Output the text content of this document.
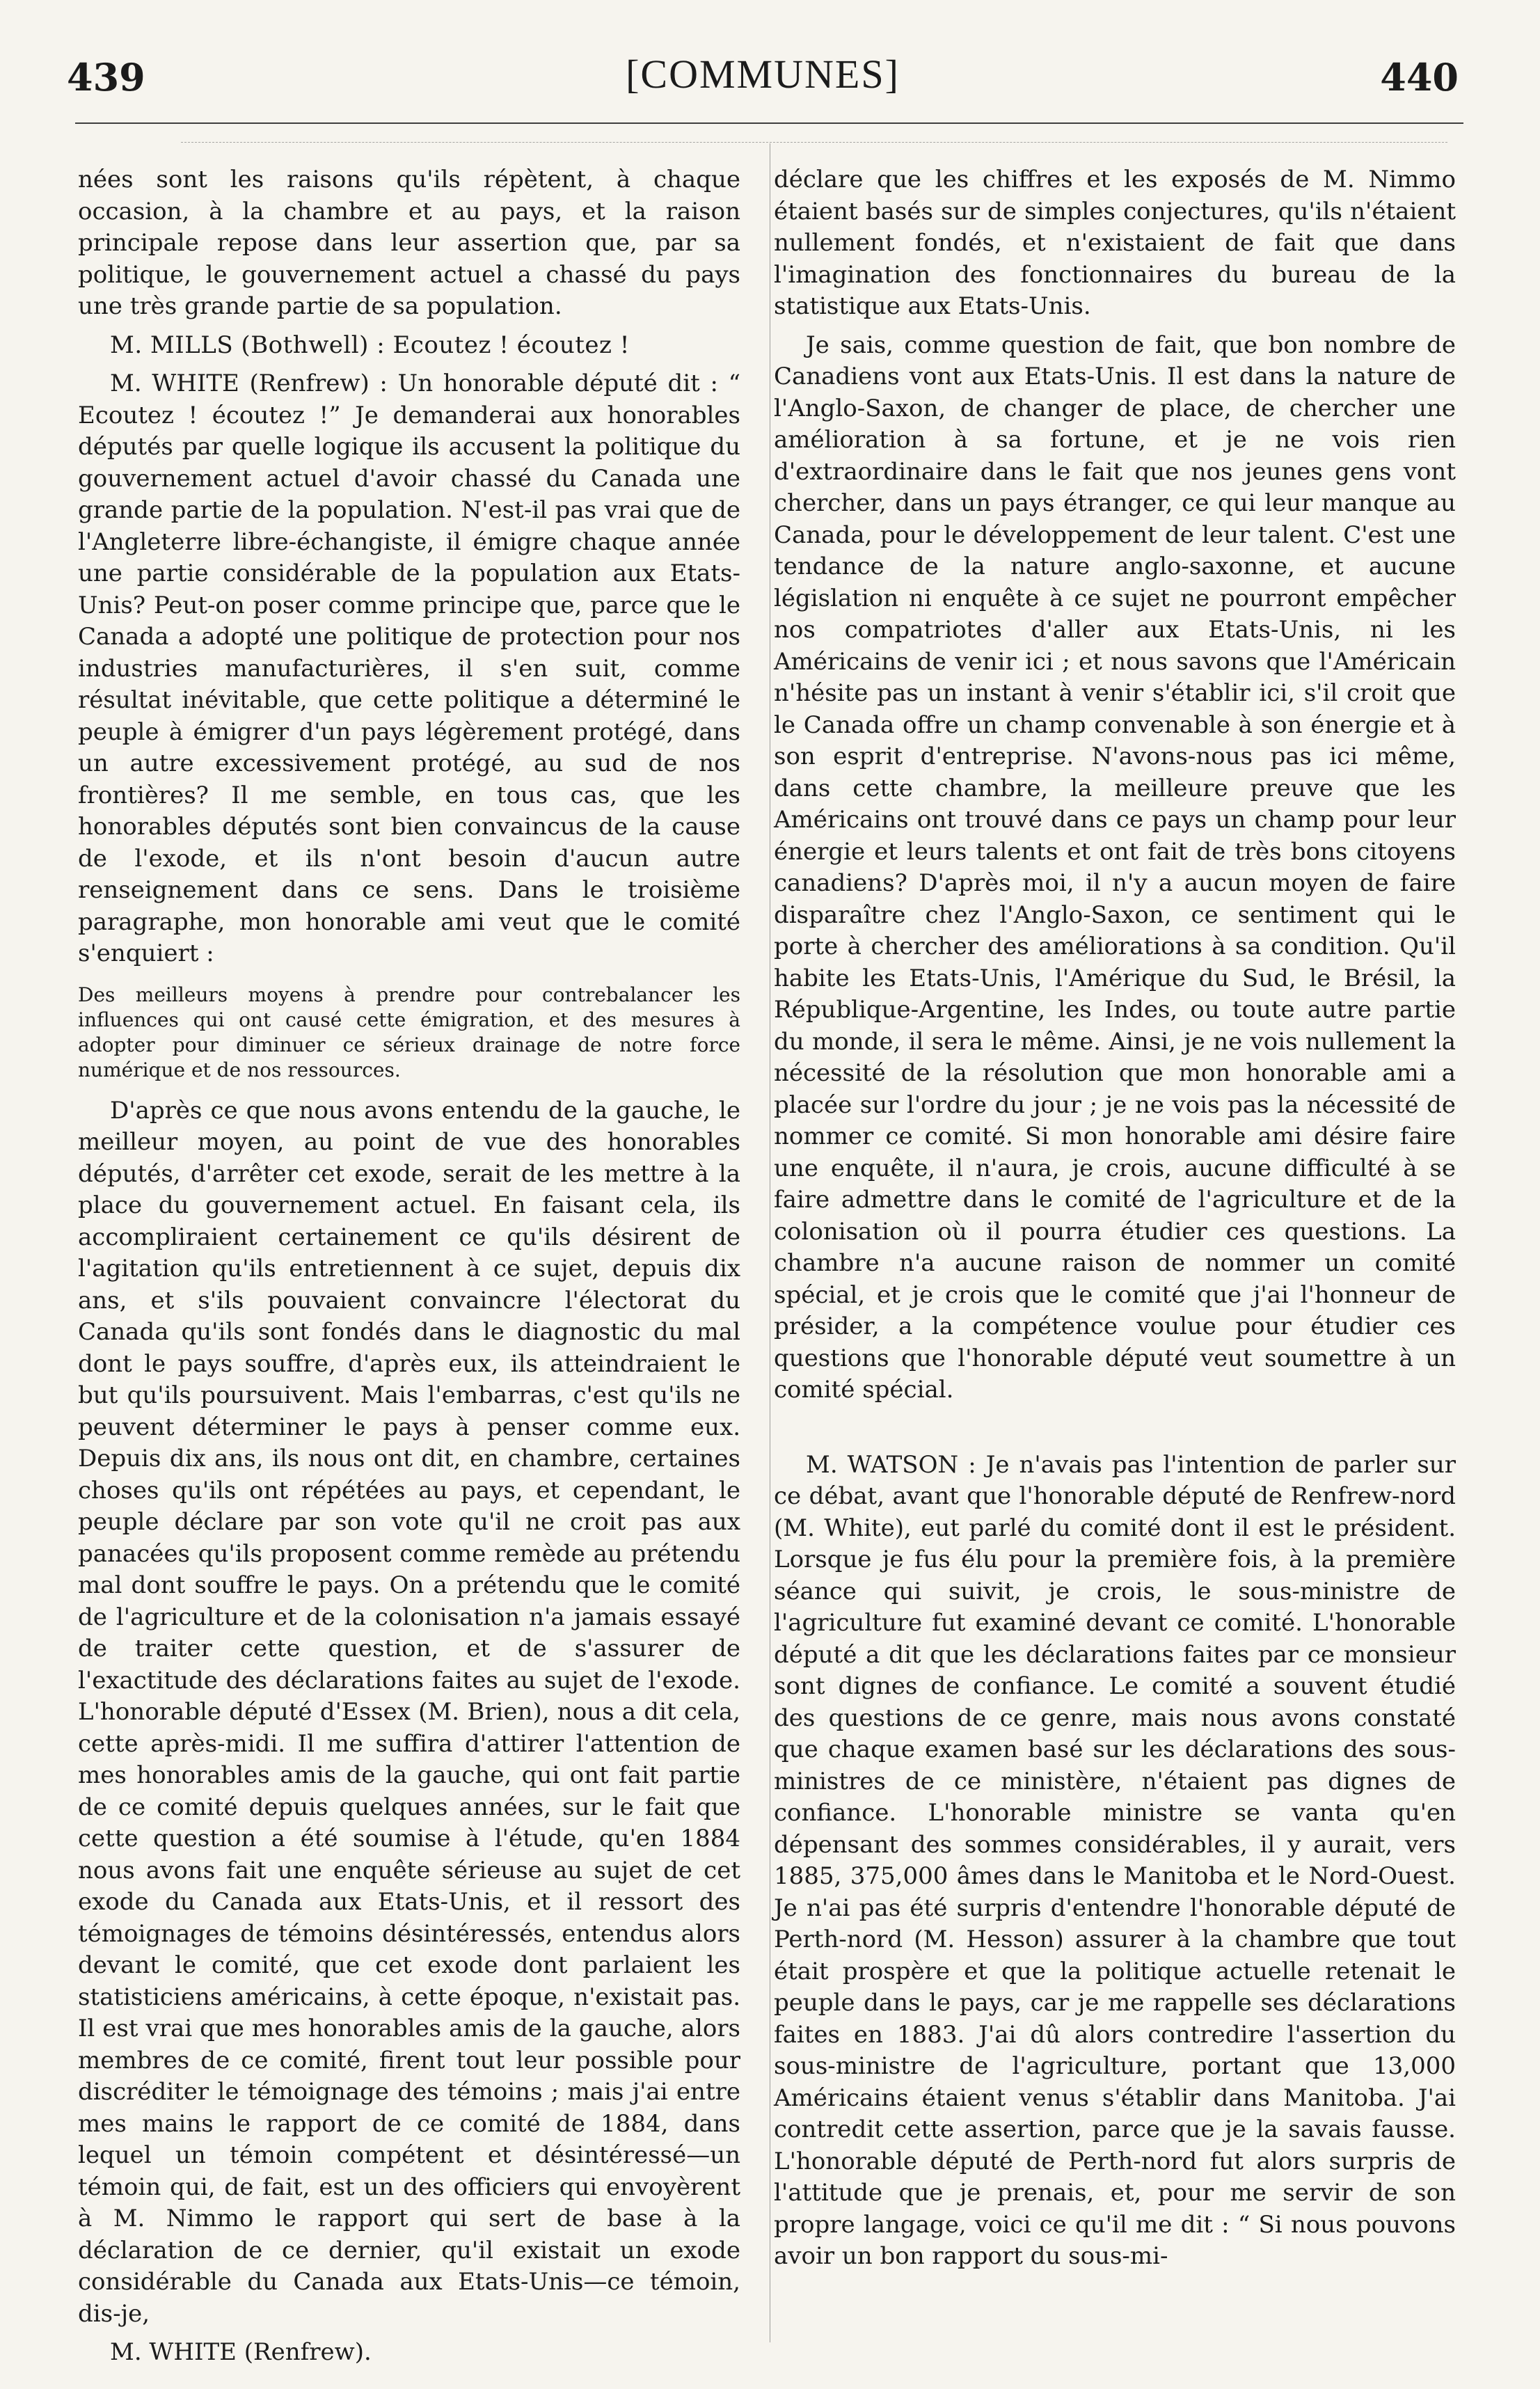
439	[COMMUNES]	440

nées sont les raisons qu'ils répètent, à chaque occasion, à la chambre et au pays, et la raison principale repose dans leur assertion que, par sa politique, le gouvernement actuel a chassé du pays une très grande partie de sa population.

M. MILLS (Bothwell) : Ecoutez ! écoutez !

M. WHITE (Renfrew) : Un honorable député dit : “ Ecoutez ! écoutez !” Je demanderai aux honorables députés par quelle logique ils accusent la politique du gouvernement actuel d'avoir chassé du Canada une grande partie de la population. N'est-il pas vrai que de l'Angleterre libre-échangiste, il émigre chaque année une partie considérable de la population aux Etats-Unis? Peut-on poser comme principe que, parce que le Canada a adopté une politique de protection pour nos industries manufacturières, il s'en suit, comme résultat inévitable, que cette politique a déterminé le peuple à émigrer d'un pays légèrement protégé, dans un autre excessivement protégé, au sud de nos frontières? Il me semble, en tous cas, que les honorables députés sont bien convaincus de la cause de l'exode, et ils n'ont besoin d'aucun autre renseignement dans ce sens. Dans le troisième paragraphe, mon honorable ami veut que le comité s'enquiert :

Des meilleurs moyens à prendre pour contrebalancer les influences qui ont causé cette émigration, et des mesures à adopter pour diminuer ce sérieux drainage de notre force numérique et de nos ressources.

D'après ce que nous avons entendu de la gauche, le meilleur moyen, au point de vue des honorables députés, d'arrêter cet exode, serait de les mettre à la place du gouvernement actuel. En faisant cela, ils accompliraient certainement ce qu'ils désirent de l'agitation qu'ils entretiennent à ce sujet, depuis dix ans, et s'ils pouvaient convaincre l'électorat du Canada qu'ils sont fondés dans le diagnostic du mal dont le pays souffre, d'après eux, ils atteindraient le but qu'ils poursuivent. Mais l'embarras, c'est qu'ils ne peuvent déterminer le pays à penser comme eux. Depuis dix ans, ils nous ont dit, en chambre, certaines choses qu'ils ont répétées au pays, et cependant, le peuple déclare par son vote qu'il ne croit pas aux panacées qu'ils proposent comme remède au prétendu mal dont souffre le pays. On a prétendu que le comité de l'agriculture et de la colonisation n'a jamais essayé de traiter cette question, et de s'assurer de l'exactitude des déclarations faites au sujet de l'exode. L'honorable député d'Essex (M. Brien), nous a dit cela, cette après-midi. Il me suffira d'attirer l'attention de mes honorables amis de la gauche, qui ont fait partie de ce comité depuis quelques années, sur le fait que cette question a été soumise à l'étude, qu'en 1884 nous avons fait une enquête sérieuse au sujet de cet exode du Canada aux Etats-Unis, et il ressort des témoignages de témoins désintéressés, entendus alors devant le comité, que cet exode dont parlaient les statisticiens américains, à cette époque, n'existait pas. Il est vrai que mes honorables amis de la gauche, alors membres de ce comité, firent tout leur possible pour discréditer le témoignage des témoins ; mais j'ai entre mes mains le rapport de ce comité de 1884, dans lequel un témoin compétent et désintéressé—un témoin qui, de fait, est un des officiers qui envoyèrent à M. Nimmo le rapport qui sert de base à la déclaration de ce dernier, qu'il existait un exode considérable du Canada aux Etats-Unis—ce témoin, dis-je,

M. WHITE (Renfrew).

déclare que les chiffres et les exposés de M. Nimmo étaient basés sur de simples conjectures, qu'ils n'étaient nullement fondés, et n'existaient de fait que dans l'imagination des fonctionnaires du bureau de la statistique aux Etats-Unis.

Je sais, comme question de fait, que bon nombre de Canadiens vont aux Etats-Unis. Il est dans la nature de l'Anglo-Saxon, de changer de place, de chercher une amélioration à sa fortune, et je ne vois rien d'extraordinaire dans le fait que nos jeunes gens vont chercher, dans un pays étranger, ce qui leur manque au Canada, pour le développement de leur talent. C'est une tendance de la nature anglo-saxonne, et aucune législation ni enquête à ce sujet ne pourront empêcher nos compatriotes d'aller aux Etats-Unis, ni les Américains de venir ici ; et nous savons que l'Américain n'hésite pas un instant à venir s'établir ici, s'il croit que le Canada offre un champ convenable à son énergie et à son esprit d'entreprise. N'avons-nous pas ici même, dans cette chambre, la meilleure preuve que les Américains ont trouvé dans ce pays un champ pour leur énergie et leurs talents et ont fait de très bons citoyens canadiens? D'après moi, il n'y a aucun moyen de faire disparaître chez l'Anglo-Saxon, ce sentiment qui le porte à chercher des améliorations à sa condition. Qu'il habite les Etats-Unis, l'Amérique du Sud, le Brésil, la République-Argentine, les Indes, ou toute autre partie du monde, il sera le même. Ainsi, je ne vois nullement la nécessité de la résolution que mon honorable ami a placée sur l'ordre du jour ; je ne vois pas la nécessité de nommer ce comité. Si mon honorable ami désire faire une enquête, il n'aura, je crois, aucune difficulté à se faire admettre dans le comité de l'agriculture et de la colonisation où il pourra étudier ces questions. La chambre n'a aucune raison de nommer un comité spécial, et je crois que le comité que j'ai l'honneur de présider, a la compétence voulue pour étudier ces questions que l'honorable député veut soumettre à un comité spécial.

M. WATSON : Je n'avais pas l'intention de parler sur ce débat, avant que l'honorable député de Renfrew-nord (M. White), eut parlé du comité dont il est le président. Lorsque je fus élu pour la première fois, à la première séance qui suivit, je crois, le sous-ministre de l'agriculture fut examiné devant ce comité. L'honorable député a dit que les déclarations faites par ce monsieur sont dignes de confiance. Le comité a souvent étudié des questions de ce genre, mais nous avons constaté que chaque examen basé sur les déclarations des sous-ministres de ce ministère, n'étaient pas dignes de confiance. L'honorable ministre se vanta qu'en dépensant des sommes considérables, il y aurait, vers 1885, 375,000 âmes dans le Manitoba et le Nord-Ouest. Je n'ai pas été surpris d'entendre l'honorable député de Perth-nord (M. Hesson) assurer à la chambre que tout était prospère et que la politique actuelle retenait le peuple dans le pays, car je me rappelle ses déclarations faites en 1883. J'ai dû alors contredire l'assertion du sous-ministre de l'agriculture, portant que 13,000 Américains étaient venus s'établir dans Manitoba. J'ai contredit cette assertion, parce que je la savais fausse. L'honorable député de Perth-nord fut alors surpris de l'attitude que je prenais, et, pour me servir de son propre langage, voici ce qu'il me dit : “ Si nous pouvons avoir un bon rapport du sous-mi-
